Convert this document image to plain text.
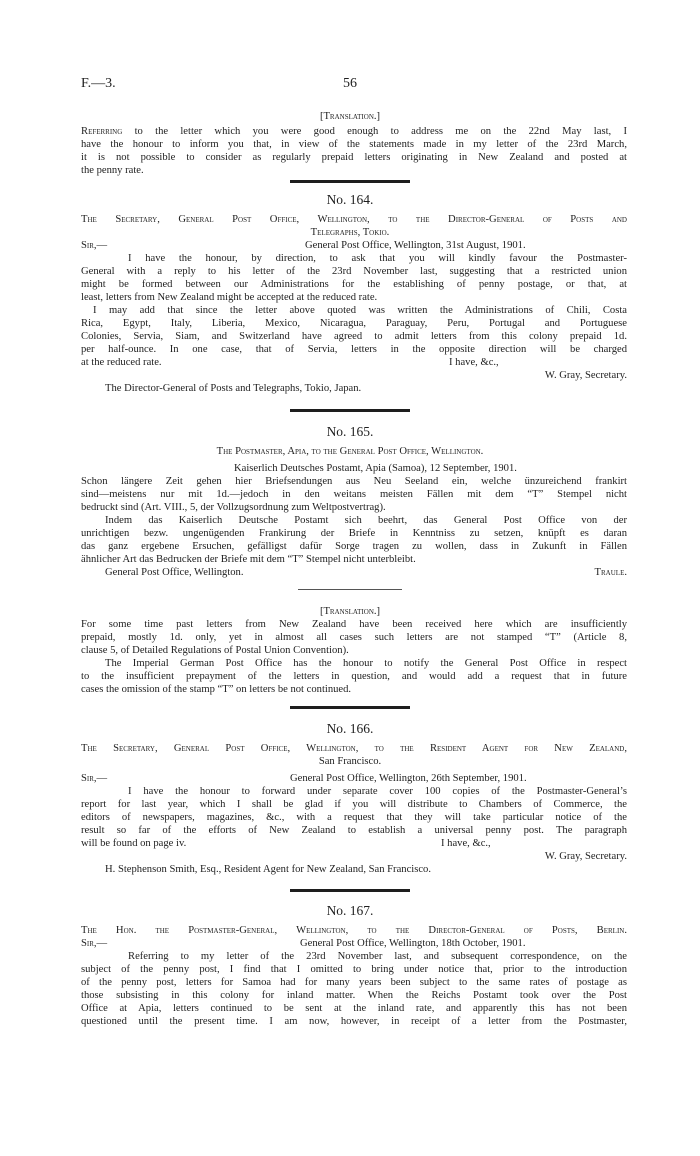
F.—3.	56
[Translation.]
Referring to the letter which you were good enough to address me on the 22nd May last, I
have the honour to inform you that, in view of the statements made in my letter of the 23rd March,
it is not possible to consider as regularly prepaid letters originating in New Zealand and posted at
the penny rate.
No. 164.
The Secretary, General Post Office, Wellington, to the Director-General of Posts and
Telegraphs, Tokio.
Sir,—	General Post Office, Wellington, 31st August, 1901.
I have the honour, by direction, to ask that you will kindly favour the Postmaster-
General with a reply to his letter of the 23rd November last, suggesting that a restricted union
might be formed between our Administrations for the establishing of penny postage, or that, at
least, letters from New Zealand might be accepted at the reduced rate.
I may add that since the letter above quoted was written the Administrations of Chili, Costa
Rica, Egypt, Italy, Liberia, Mexico, Nicaragua, Paraguay, Peru, Portugal and Portuguese
Colonies, Servia, Siam, and Switzerland have agreed to admit letters from this colony prepaid 1d.
per half-ounce. In one case, that of Servia, letters in the opposite direction will be charged
at the reduced rate.	I have, &c.,
W. Gray, Secretary.
The Director-General of Posts and Telegraphs, Tokio, Japan.
No. 165.
The Postmaster, Apia, to the General Post Office, Wellington.
Kaiserlich Deutsches Postamt, Apia (Samoa), 12 September, 1901.
Schon längere Zeit gehen hier Briefsendungen aus Neu Seeland ein, welche ünzureichend frankirt
sind—meistens nur mit 1d.—jedoch in den weitans meisten Fällen mit dem “T” Stempel nicht
bedruckt sind (Art. VIII., 5, der Vollzugsordnung zum Weltpostvertrag).
Indem das Kaiserlich Deutsche Postamt sich beehrt, das General Post Office von der
unrichtigen bezw. ungenügenden Frankirung der Briefe in Kenntniss zu setzen, knüpft es daran
das ganz ergebene Ersuchen, gefälligst dafür Sorge tragen zu wollen, dass in Zukunft in Fällen
ähnlicher Art das Bedrucken der Briefe mit dem “T” Stempel nicht unterbleibt.
General Post Office, Wellington.	Traule.
[Translation.]
For some time past letters from New Zealand have been received here which are insufficiently
prepaid, mostly 1d. only, yet in almost all cases such letters are not stamped “T” (Article 8,
clause 5, of Detailed Regulations of Postal Union Convention).
The Imperial German Post Office has the honour to notify the General Post Office in respect
to the insufficient prepayment of the letters in question, and would add a request that in future
cases the omission of the stamp “T” on letters be not continued.
No. 166.
The Secretary, General Post Office, Wellington, to the Resident Agent for New Zealand,
San Francisco.
Sir,—	General Post Office, Wellington, 26th September, 1901.
I have the honour to forward under separate cover 100 copies of the Postmaster-General’s
report for last year, which I shall be glad if you will distribute to Chambers of Commerce, the
editors of newspapers, magazines, &c., with a request that they will take particular notice of the
result so far of the efforts of New Zealand to establish a universal penny post. The paragraph
will be found on page iv.	I have, &c.,
W. Gray, Secretary.
H. Stephenson Smith, Esq., Resident Agent for New Zealand, San Francisco.
No. 167.
The Hon. the Postmaster-General, Wellington, to the Director-General of Posts, Berlin.
Sir,—	General Post Office, Wellington, 18th October, 1901.
Referring to my letter of the 23rd November last, and subsequent correspondence, on the
subject of the penny post, I find that I omitted to bring under notice that, prior to the introduction
of the penny post, letters for Samoa had for many years been subject to the same rates of postage as
those subsisting in this colony for inland matter. When the Reichs Postamt took over the Post
Office at Apia, letters continued to be sent at the inland rate, and apparently this has not been
questioned until the present time. I am now, however, in receipt of a letter from the Postmaster,
